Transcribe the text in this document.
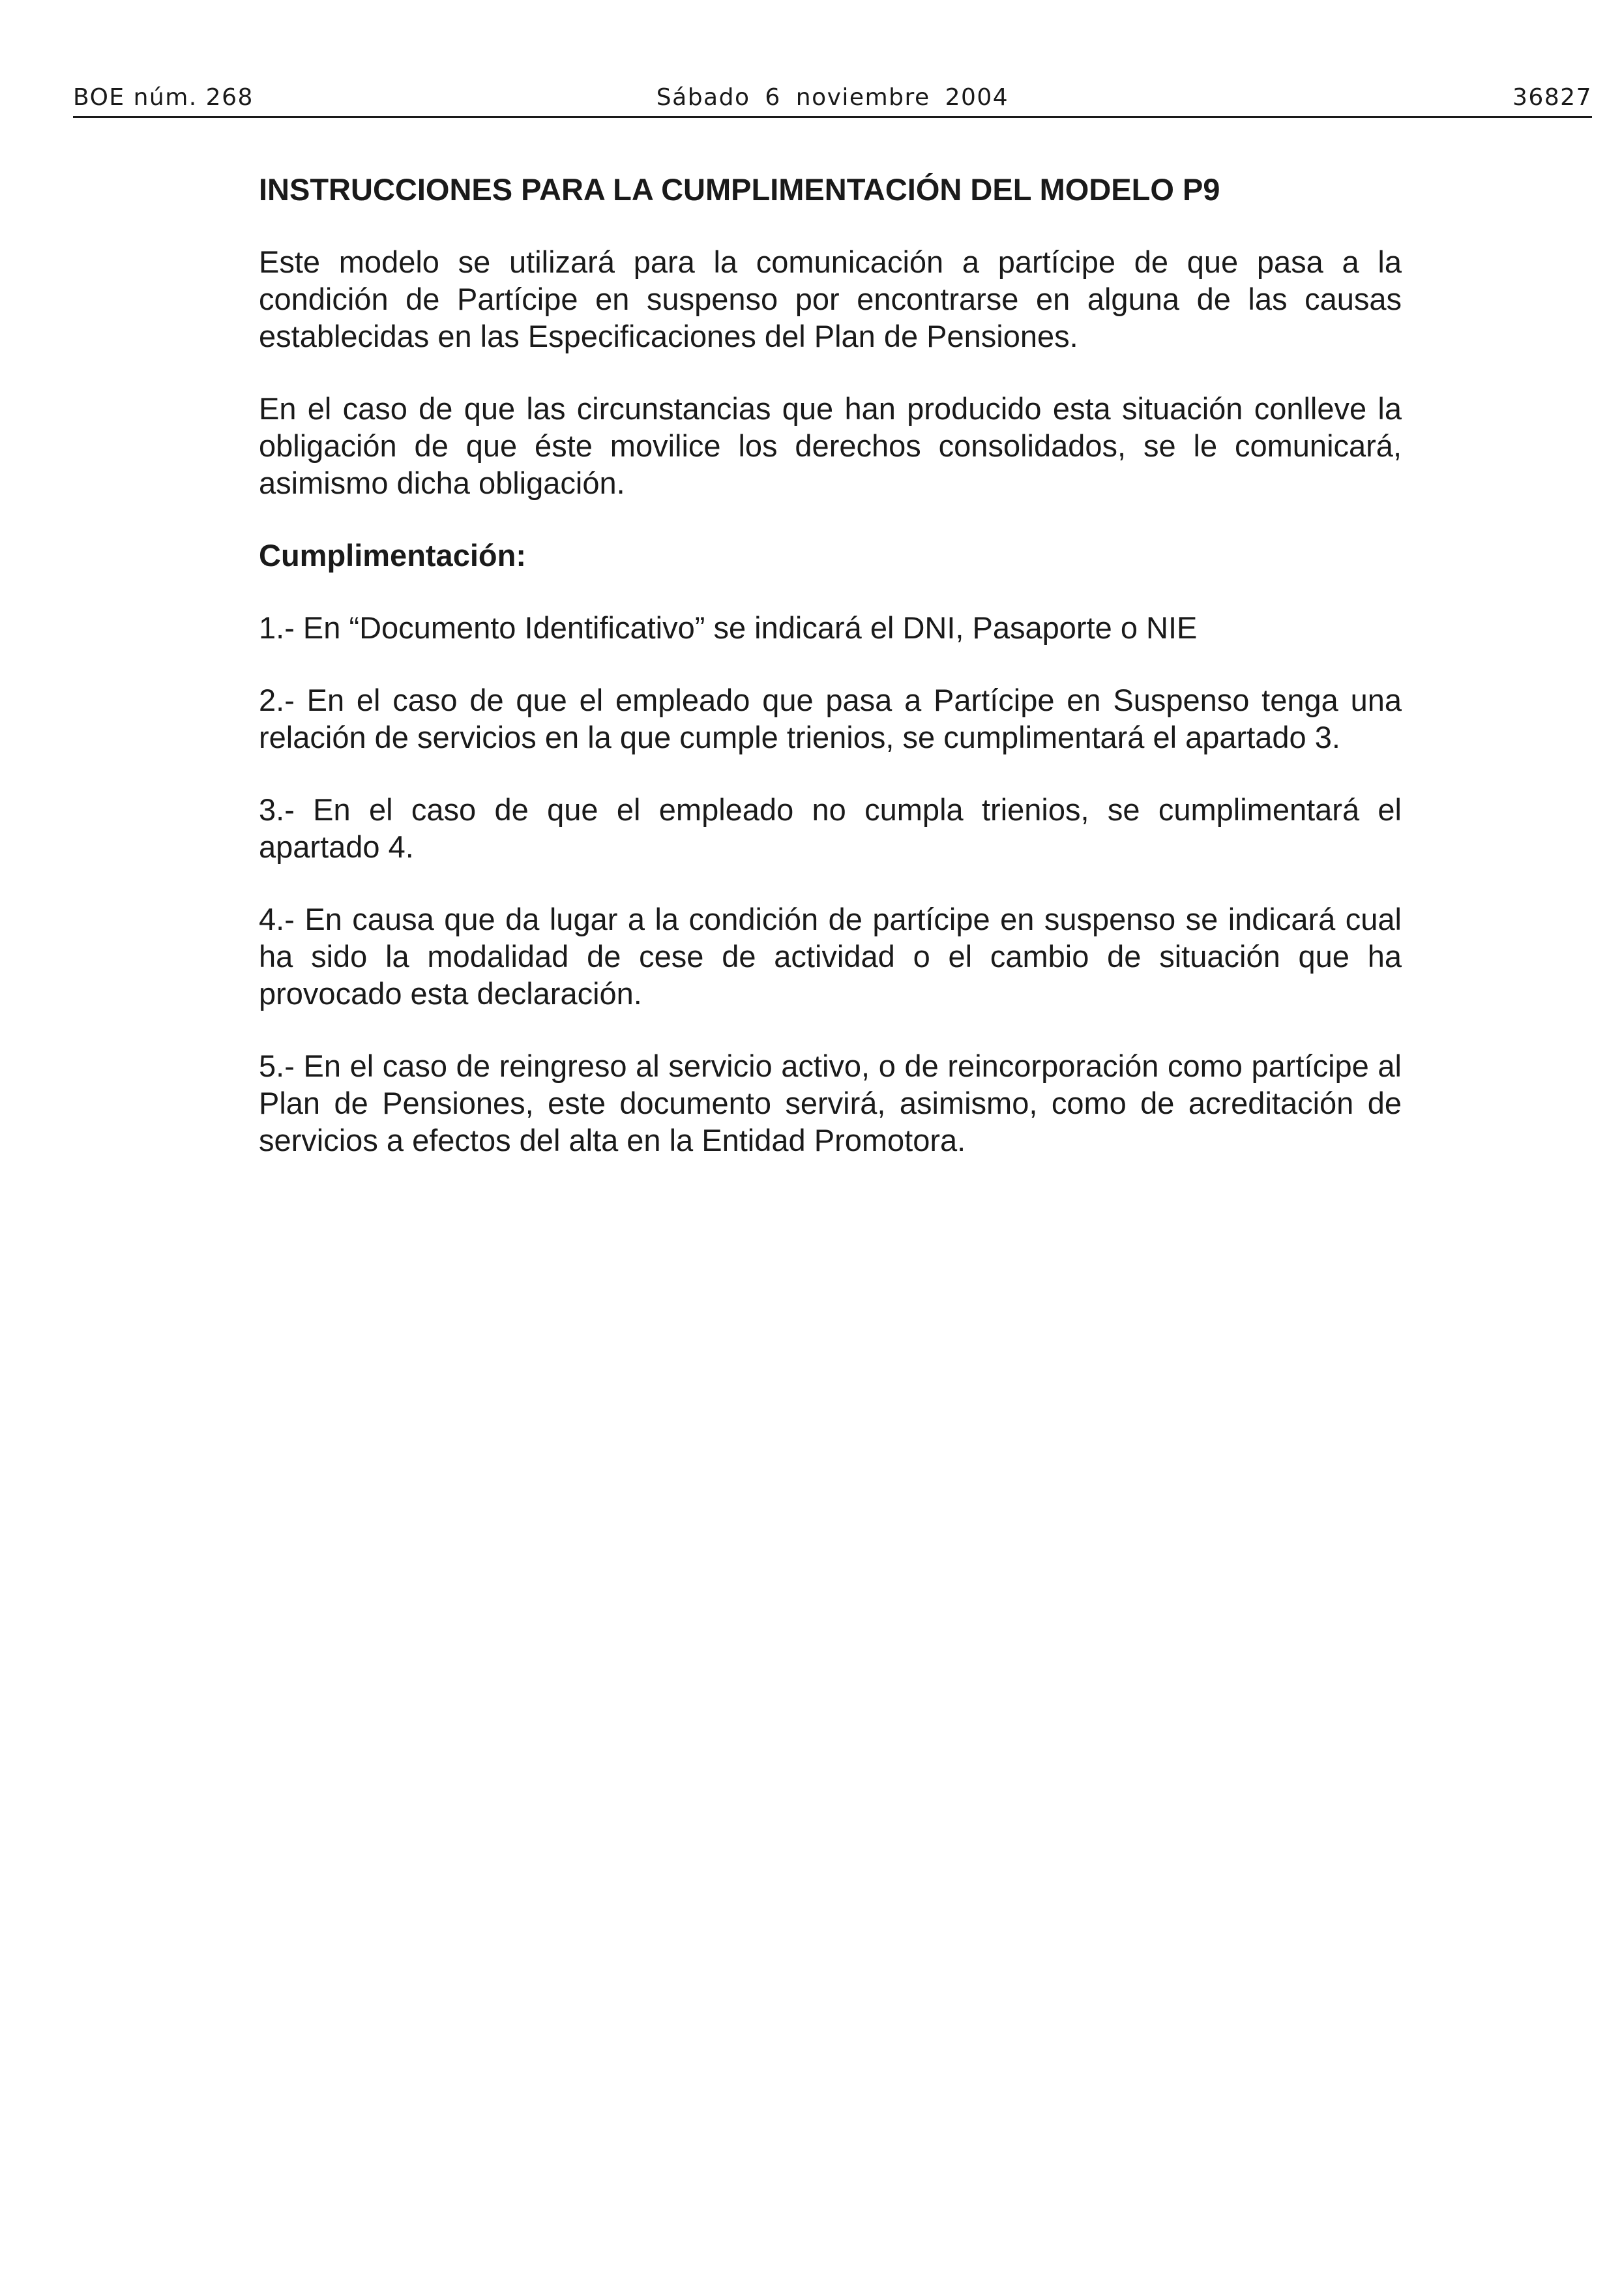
BOE núm. 268	Sábado 6 noviembre 2004	36827
INSTRUCCIONES PARA LA CUMPLIMENTACIÓN DEL MODELO P9

Este modelo se utilizará para la comunicación a partícipe de que pasa a la condición de Partícipe en suspenso por encontrarse en alguna de las causas establecidas en las Especificaciones del Plan de Pensiones.

En el caso de que las circunstancias que han producido esta situación conlleve la obligación de que éste movilice los derechos consolidados, se le comunicará, asimismo dicha obligación.

Cumplimentación:

1.- En “Documento Identificativo” se indicará el DNI, Pasaporte o NIE

2.- En el caso de que el empleado que pasa a Partícipe en Suspenso tenga una relación de servicios en la que cumple trienios, se cumplimentará el apartado 3.

3.- En el caso de que el empleado no cumpla trienios, se cumplimentará el apartado 4.

4.- En causa que da lugar a la condición de partícipe en suspenso se indicará cual ha sido la modalidad de cese de actividad o el cambio de situación que ha provocado esta declaración.

5.- En el caso de reingreso al servicio activo, o de reincorporación como partícipe al Plan de Pensiones, este documento servirá, asimismo, como de acreditación de servicios a efectos del alta en la Entidad Promotora.
